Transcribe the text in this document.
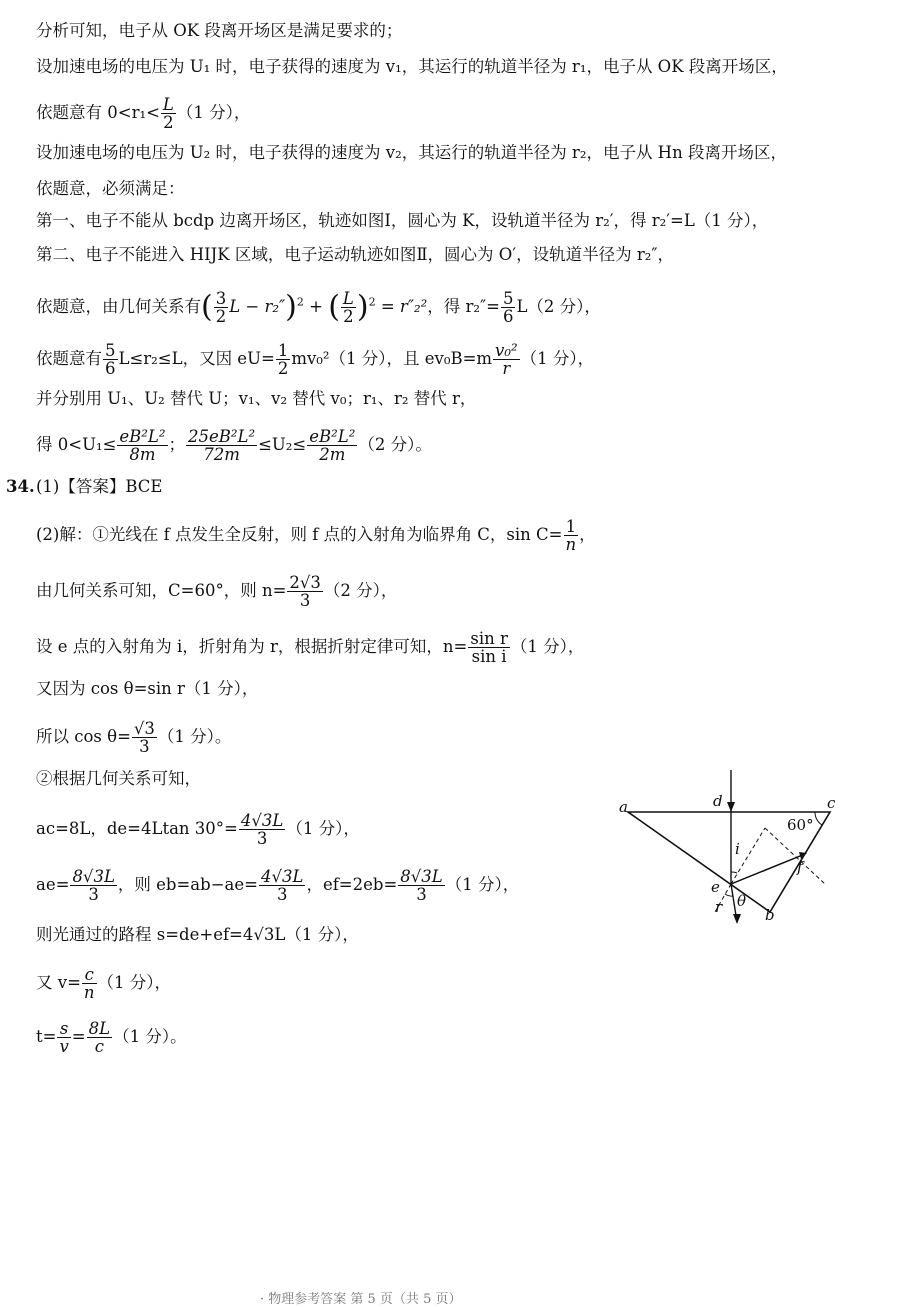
分析可知，电子从 OK 段离开场区是满足要求的；
设加速电场的电压为 U₁ 时，电子获得的速度为 v₁，其运行的轨道半径为 r₁，电子从 OK 段离开场区，
依题意有 $0<r_1< \frac{L}{2} (1$ 分），
设加速电场的电压为 U₂ 时，电子获得的速度为 v₂，其运行的轨道半径为 r₂，电子从 Hn 段离开场区，
依题意，必须满足：
第一、电子不能从 bcdp 边离开场区，轨迹如图Ⅰ，圆心为 K，设轨道半径为 r₂′，得 r₂′=L（1 分），
第二、电子不能进入 HIJK 区域，电子运动轨迹如图Ⅱ，圆心为 O′，设轨道半径为 r₂″，
依题意，由几何关系有( $\frac{3}{2}$ L − r₂″)$^2$ + ( $\frac{L}{2} )^2 = r''_2^2$，得 $r_2''= \frac{5}{6} L(2$ 分），
依题意有 $\frac{5}{6} L\le r_2\le L$，又因 $eU= \frac{1}{2} mv_0^2(1$ 分），且 $ev_0B=m \frac{\text{v₀²}}{r} (1$ 分），
并分别用 U₁、U₂ 替代 U；v₁、v₂ 替代 v₀；r₁、r₂ 替代 r，
得 $0<U_1\le \frac{\text{eB²L²}}{8m}$ ； $\frac{\text{25eB²L²}}{72m} \le U_2\le \frac{\text{eB²L²}}{2m} (2$ 分）。
34. (1)【答案】BCE
(2)解：①光线在 f 点发生全反射，则 f 点的入射角为临界角 C，$\sin C= \frac{1}{n}$ ，
由几何关系可知，C=60°，则 $n= \frac{2√3}{3} (2$ 分），
设 e 点的入射角为 i，折射角为 r，根据折射定律可知，$n= \frac{\text{sin r}}{\text{sin i}} (1$ 分），
又因为 cos θ=sin r（1 分），
所以 $\cos \theta= \frac{√3}{3} (1$ 分）。
②根据几何关系可知，
ac=8L，de=4Ltan $30^\circ= \frac{4√3L}{3} (1$ 分），
$ae= \frac{8√3L}{3}$ ，则 $eb=ab-ae= \frac{4√3L}{3}$ ，$ef=2eb= \frac{8√3L}{3} (1$ 分），
则光通过的路程 s=de+ef=4√3L（1 分），
又 $v= \frac{c}{n} (1$ 分），
$t= \frac{s}{v} = \frac{8L}{c} (1$ 分）。
a	d	c
60°
i
f
e
r θ
b
· 物理参考答案 第 5 页（共 5 页）
